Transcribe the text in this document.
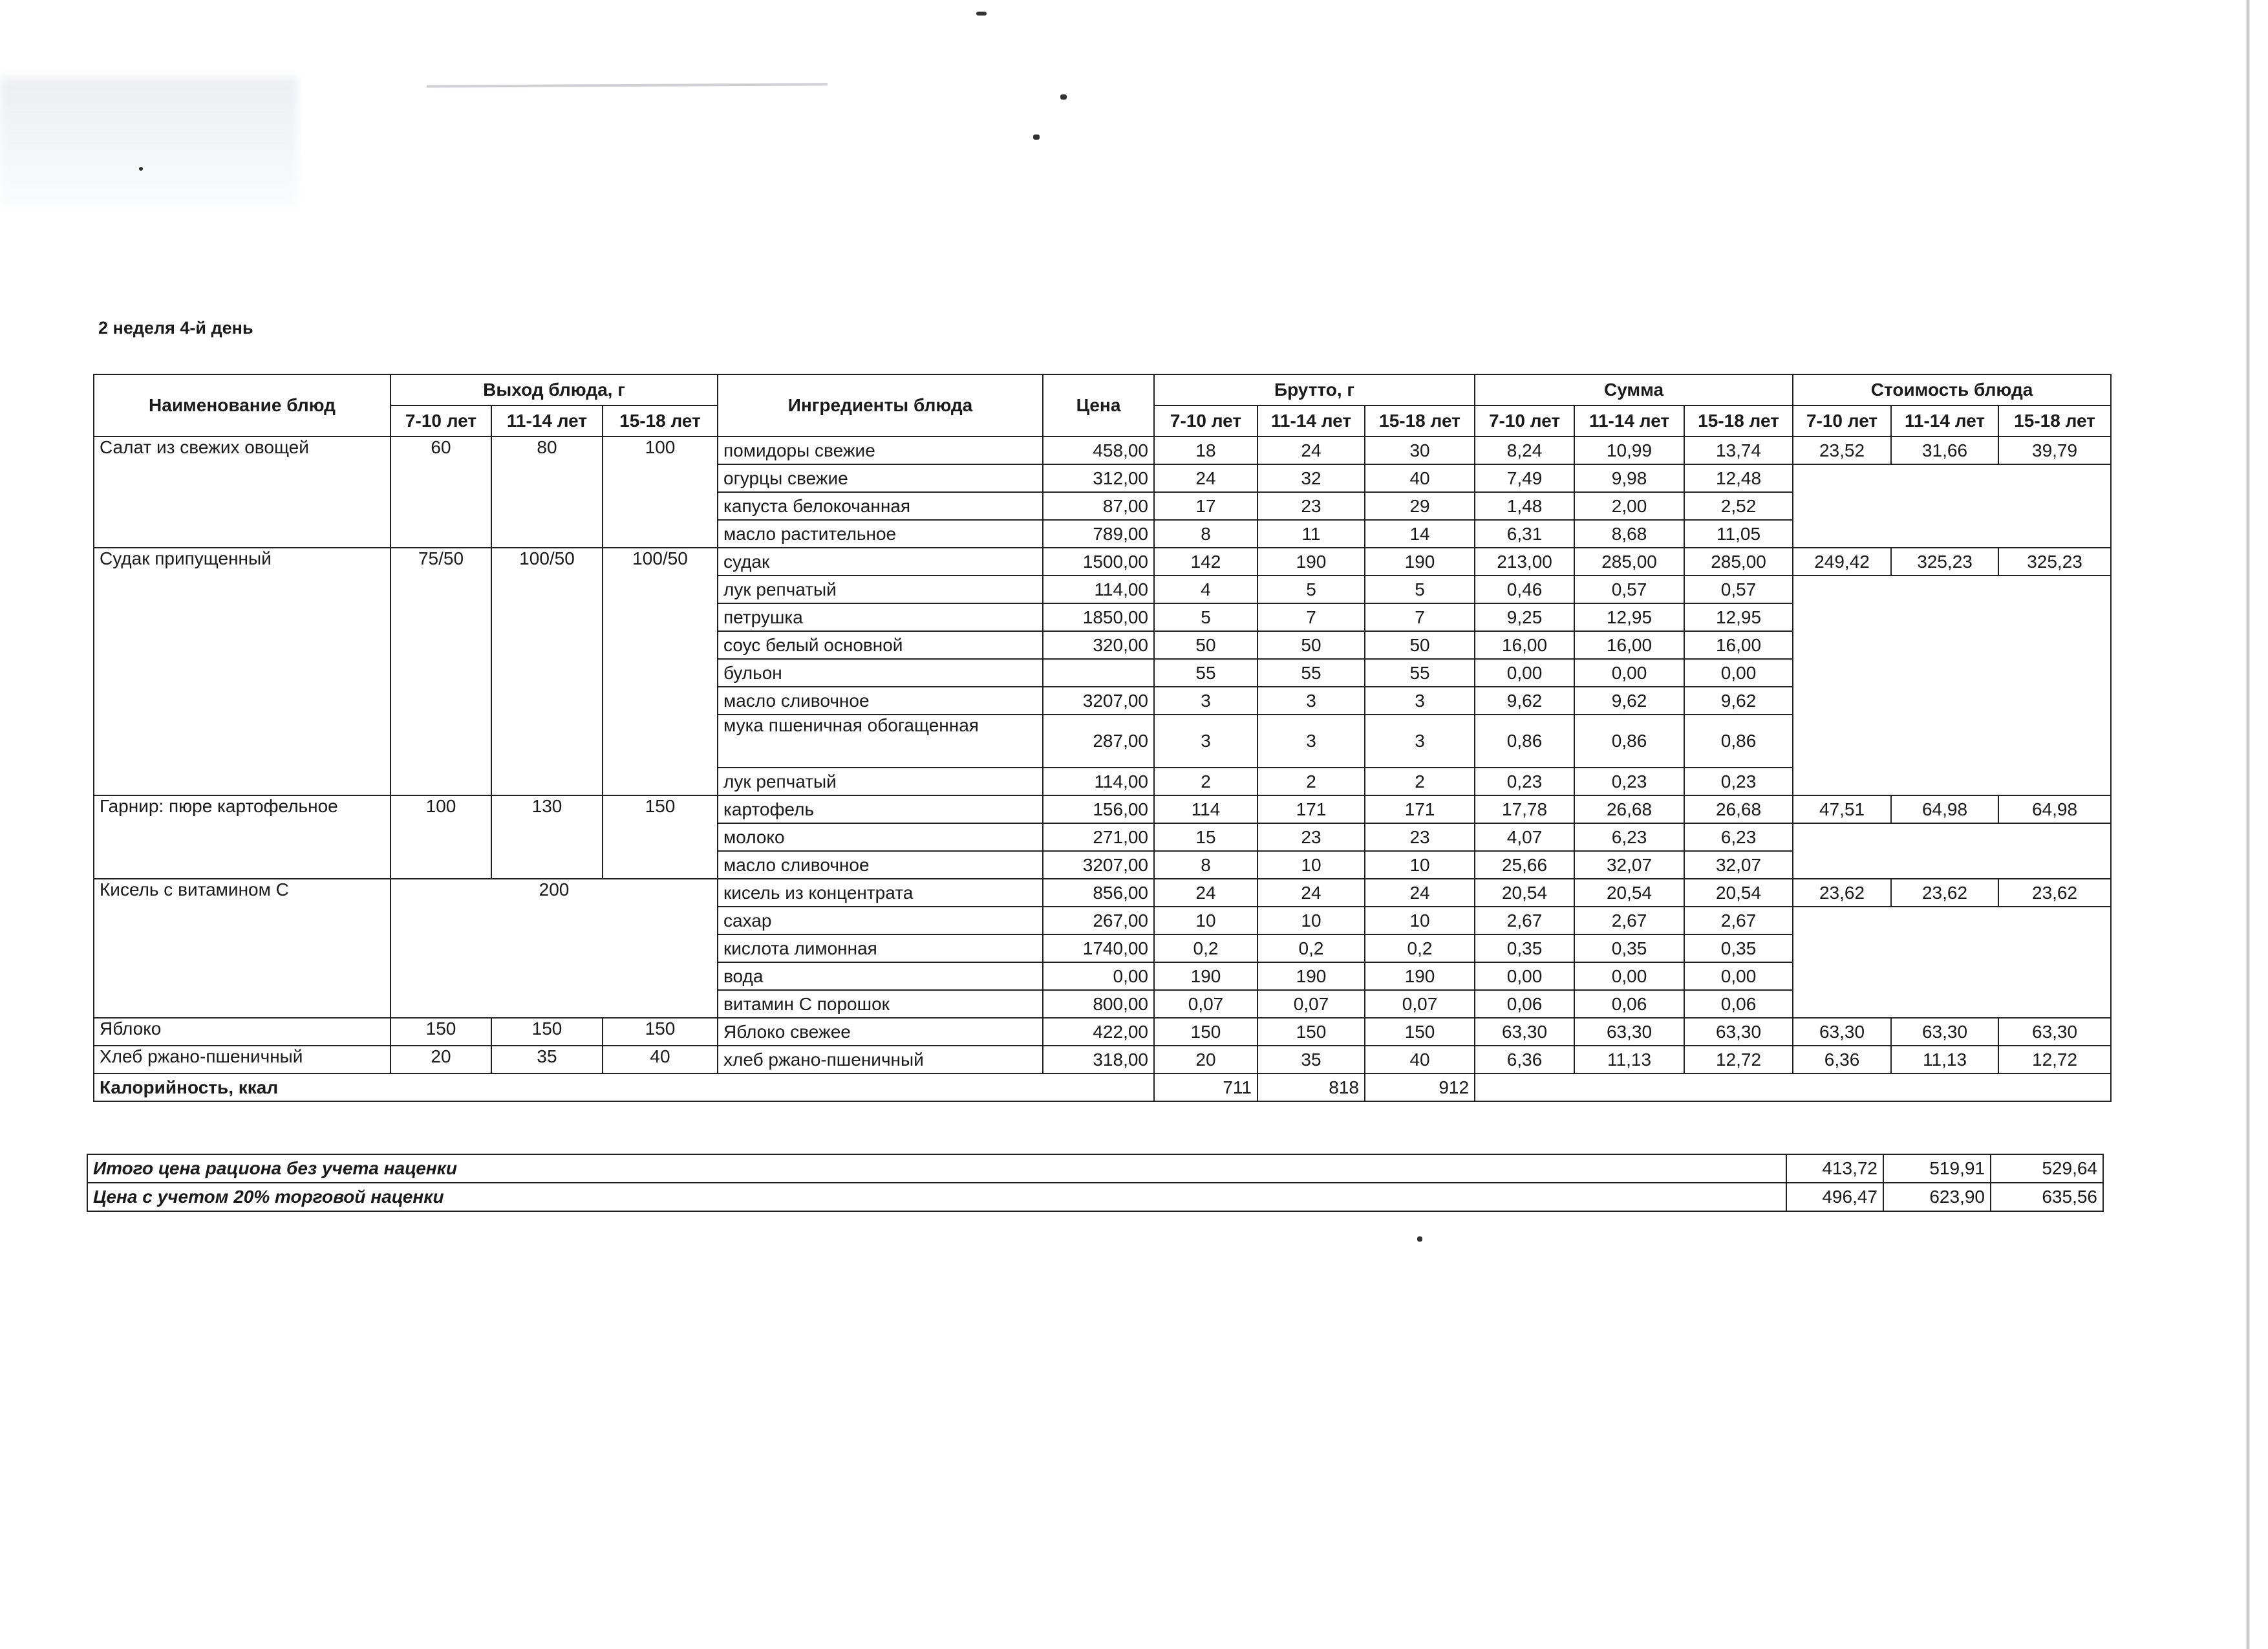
2 неделя 4-й день
Наименование блюд	Выход блюда, г			Ингредиенты блюда	Цена	Брутто, г			Сумма			Стоимость блюда		
	7-10 лет	11-14 лет	15-18 лет			7-10 лет	11-14 лет	15-18 лет	7-10 лет	11-14 лет	15-18 лет	7-10 лет	11-14 лет	15-18 лет
Салат из свежих овощей	60	80	100	помидоры свежие	458,00	18	24	30	8,24	10,99	13,74	23,52	31,66	39,79
				огурцы свежие	312,00	24	32	40	7,49	9,98	12,48			
				капуста белокочанная	87,00	17	23	29	1,48	2,00	2,52			
				масло растительное	789,00	8	11	14	6,31	8,68	11,05			
Судак припущенный	75/50	100/50	100/50	судак	1500,00	142	190	190	213,00	285,00	285,00	249,42	325,23	325,23
				лук репчатый	114,00	4	5	5	0,46	0,57	0,57			
				петрушка	1850,00	5	7	7	9,25	12,95	12,95			
				соус белый основной	320,00	50	50	50	16,00	16,00	16,00			
				бульон		55	55	55	0,00	0,00	0,00			
				масло сливочное	3207,00	3	3	3	9,62	9,62	9,62			
				мука пшеничная обогащенная	287,00	3	3	3	0,86	0,86	0,86			
				лук репчатый	114,00	2	2	2	0,23	0,23	0,23			
Гарнир: пюре картофельное	100	130	150	картофель	156,00	114	171	171	17,78	26,68	26,68	47,51	64,98	64,98
				молоко	271,00	15	23	23	4,07	6,23	6,23			
				масло сливочное	3207,00	8	10	10	25,66	32,07	32,07			
Кисель с витамином С	200			кисель из концентрата	856,00	24	24	24	20,54	20,54	20,54	23,62	23,62	23,62
				сахар	267,00	10	10	10	2,67	2,67	2,67			
				кислота лимонная	1740,00	0,2	0,2	0,2	0,35	0,35	0,35			
				вода	0,00	190	190	190	0,00	0,00	0,00			
				витамин С порошок	800,00	0,07	0,07	0,07	0,06	0,06	0,06			
Яблоко	150	150	150	Яблоко свежее	422,00	150	150	150	63,30	63,30	63,30	63,30	63,30	63,30
Хлеб ржано-пшеничный	20	35	40	хлеб ржано-пшеничный	318,00	20	35	40	6,36	11,13	12,72	6,36	11,13	12,72
Калорийность, ккал						711	818	912						
Итого цена рациона без учета наценки	413,72	519,91	529,64
Цена с учетом 20% торговой наценки	496,47	623,90	635,56
